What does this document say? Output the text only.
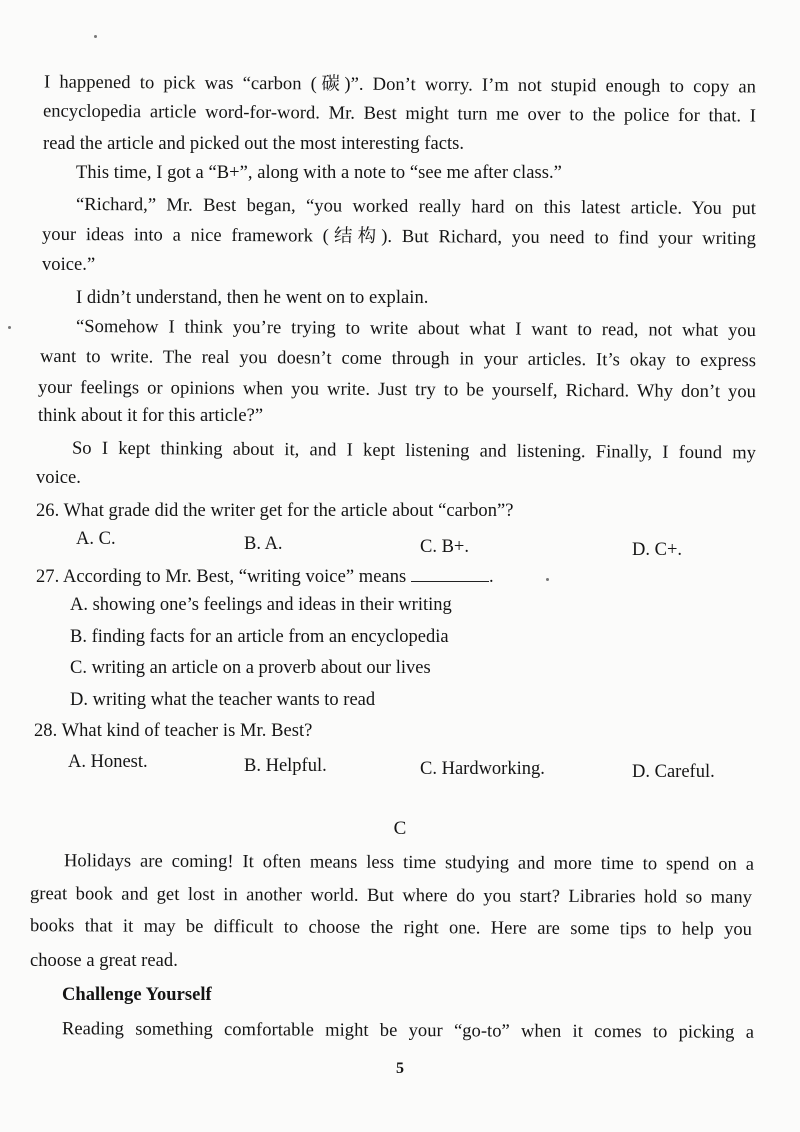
I happened to pick was “carbon (碳)”. Don’t worry. I’m not stupid enough to copy an
encyclopedia article word-for-word. Mr. Best might turn me over to the police for that. I
read the article and picked out the most interesting facts.
This time, I got a “B+”, along with a note to “see me after class.”
“Richard,” Mr. Best began, “you worked really hard on this latest article. You put
your ideas into a nice framework (结构). But Richard, you need to find your writing
voice.”
I didn’t understand, then he went on to explain.
“Somehow I think you’re trying to write about what I want to read, not what you
want to write. The real you doesn’t come through in your articles. It’s okay to express
your feelings or opinions when you write. Just try to be yourself, Richard. Why don’t you
think about it for this article?”
So I kept thinking about it, and I kept listening and listening. Finally, I found my
voice.
26. What grade did the writer get for the article about “carbon”?
A. C.	B. A.	C. B+.	D. C+.
27. According to Mr. Best, “writing voice” means	.
A. showing one’s feelings and ideas in their writing
B. finding facts for an article from an encyclopedia
C. writing an article on a proverb about our lives
D. writing what the teacher wants to read
28. What kind of teacher is Mr. Best?
A. Honest.	B. Helpful.	C. Hardworking.	D. Careful.
C
Holidays are coming! It often means less time studying and more time to spend on a
great book and get lost in another world. But where do you start? Libraries hold so many
books that it may be difficult to choose the right one. Here are some tips to help you
choose a great read.
Challenge Yourself
Reading something comfortable might be your “go-to” when it comes to picking a
5
